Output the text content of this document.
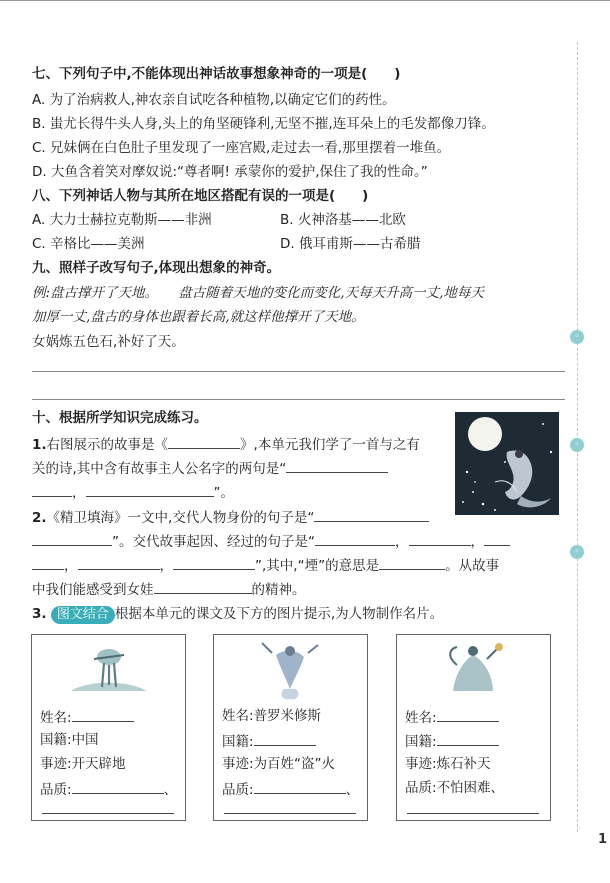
◦
◦
◦
七、下列句子中,不能体现出神话故事想象神奇的一项是(　　)
A. 为了治病救人,神农亲自试吃各种植物,以确定它们的药性。
B. 蚩尤长得牛头人身,头上的角坚硬锋利,无坚不摧,连耳朵上的毛发都像刀锋。
C. 兄妹俩在白色肚子里发现了一座宫殿,走过去一看,那里摆着一堆鱼。
D. 大鱼含着笑对摩奴说:“尊者啊! 承蒙你的爱护,保住了我的性命。”
八、下列神话人物与其所在地区搭配有误的一项是(　　)
A. 大力士赫拉克勒斯——非洲	B. 火神洛基——北欧
C. 辛格比——美洲	D. 俄耳甫斯——古希腊
九、照样子改写句子,体现出想象的神奇。
例:盘古撑开了天地。　　盘古随着天地的变化而变化,天每天升高一丈,地每天
加厚一丈,盘古的身体也跟着长高,就这样他撑开了天地。
女娲炼五色石,补好了天。
十、根据所学知识完成练习。
1.右图展示的故事是《	》,本单元我们学了一首与之有
关的诗,其中含有故事主人公名字的两句是“
，	”。
2.《精卫填海》一文中,交代人物身份的句子是“
”。交代故事起因、经过的句子是“	，	，
，	，	”,其中,“堙”的意思是	。从故事
中我们能感受到女娃	的精神。
3. 图文结合 根据本单元的课文及下方的图片提示,为人物制作名片。
姓名:
国籍:中国
事迹:开天辟地
品质:	、
姓名:普罗米修斯
国籍:
事迹:为百姓“盗”火
品质:	、
姓名:
国籍:
事迹:炼石补天
品质:不怕困难、
1
